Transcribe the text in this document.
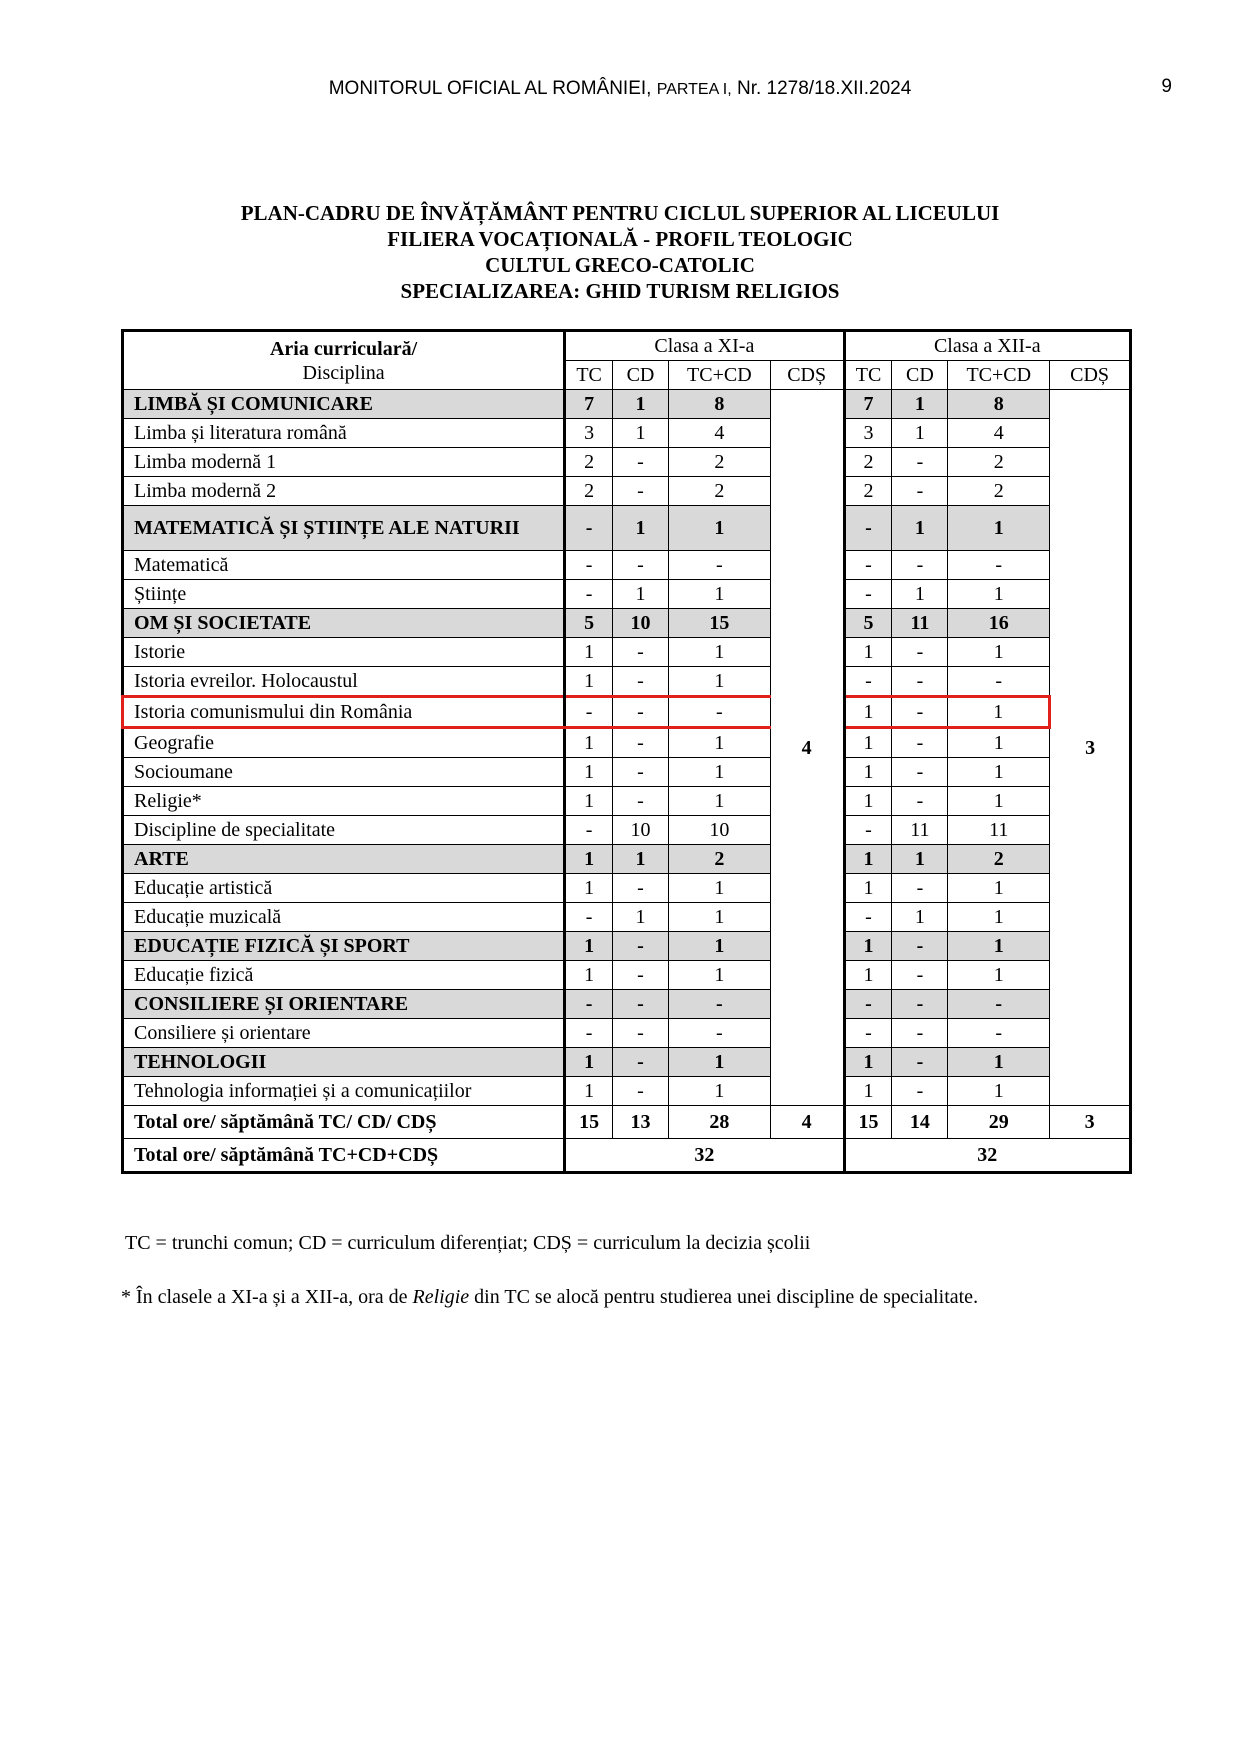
MONITORUL OFICIAL AL ROMÂNIEI, PARTEA I, Nr. 1278/18.XII.2024	9
PLAN-CADRU DE ÎNVĂȚĂMÂNT PENTRU CICLUL SUPERIOR AL LICEULUI
FILIERA VOCAȚIONALĂ - PROFIL TEOLOGIC
CULTUL GRECO-CATOLIC
SPECIALIZAREA: GHID TURISM RELIGIOS
Aria curriculară/
Disciplina	Clasa a XI-a				Clasa a XII-a			
	TC	CD	TC+CD	CDȘ	TC	CD	TC+CD	CDȘ
LIMBĂ ȘI COMUNICARE	7	1	8	4	7	1	8	3
Limba și literatura română	3	1	4		3	1	4	
Limba modernă 1	2	-	2		2	-	2	
Limba modernă 2	2	-	2		2	-	2	
MATEMATICĂ ȘI ȘTIINȚE ALE NATURII	-	1	1		-	1	1	
Matematică	-	-	-		-	-	-	
Științe	-	1	1		-	1	1	
OM ȘI SOCIETATE	5	10	15		5	11	16	
Istorie	1	-	1		1	-	1	
Istoria evreilor. Holocaustul	1	-	1		-	-	-	
Istoria comunismului din România	-	-	-		1	-	1	
Geografie	1	-	1		1	-	1	
Socioumane	1	-	1		1	-	1	
Religie*	1	-	1		1	-	1	
Discipline de specialitate	-	10	10		-	11	11	
ARTE	1	1	2		1	1	2	
Educație artistică	1	-	1		1	-	1	
Educație muzicală	-	1	1		-	1	1	
EDUCAȚIE FIZICĂ ȘI SPORT	1	-	1		1	-	1	
Educație fizică	1	-	1		1	-	1	
CONSILIERE ȘI ORIENTARE	-	-	-		-	-	-	
Consiliere și orientare	-	-	-		-	-	-	
TEHNOLOGII	1	-	1		1	-	1	
Tehnologia informației și a comunicațiilor	1	-	1		1	-	1	
Total ore/ săptămână TC/ CD/ CDȘ	15	13	28	4	15	14	29	3
Total ore/ săptămână TC+CD+CDȘ	32				32			
TC = trunchi comun; CD = curriculum diferențiat; CDȘ = curriculum la decizia școlii
* În clasele a XI-a și a XII-a, ora de Religie din TC se alocă pentru studierea unei discipline de specialitate.
